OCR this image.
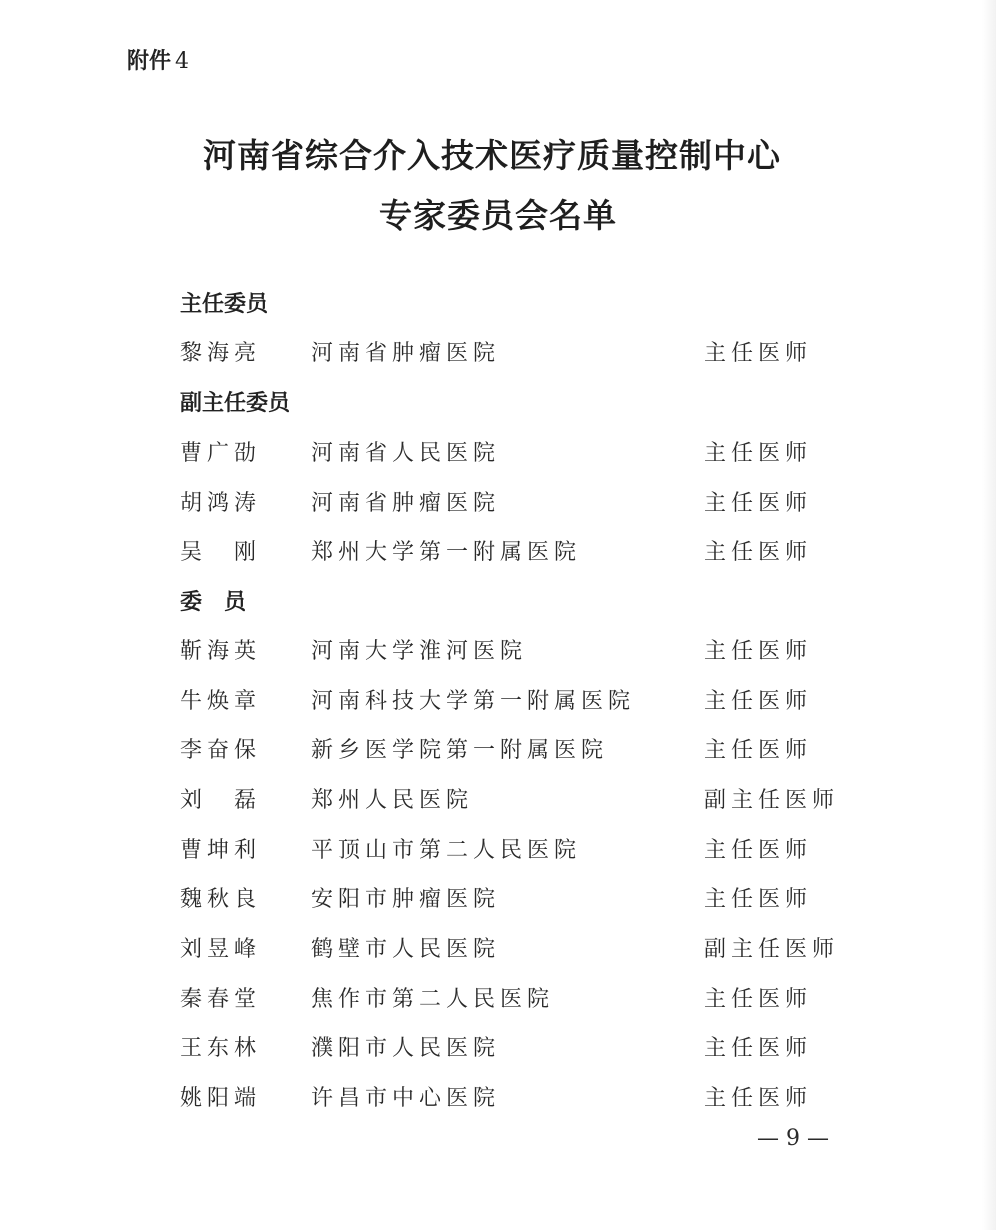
附件 4
河南省综合介入技术医疗质量控制中心
专家委员会名单
主任委员
黎海亮 河南省肿瘤医院	主任医师
副主任委员
曹广劭 河南省人民医院	主任医师
胡鸿涛 河南省肿瘤医院	主任医师
吴　刚 郑州大学第一附属医院	主任医师
委　员
靳海英 河南大学淮河医院	主任医师
牛焕章 河南科技大学第一附属医院	主任医师
李奋保 新乡医学院第一附属医院	主任医师
刘　磊 郑州人民医院	副主任医师
曹坤利 平顶山市第二人民医院	主任医师
魏秋良 安阳市肿瘤医院	主任医师
刘昱峰 鹤壁市人民医院	副主任医师
秦春堂 焦作市第二人民医院	主任医师
王东林 濮阳市人民医院	主任医师
姚阳端 许昌市中心医院	主任医师
— 9 —
